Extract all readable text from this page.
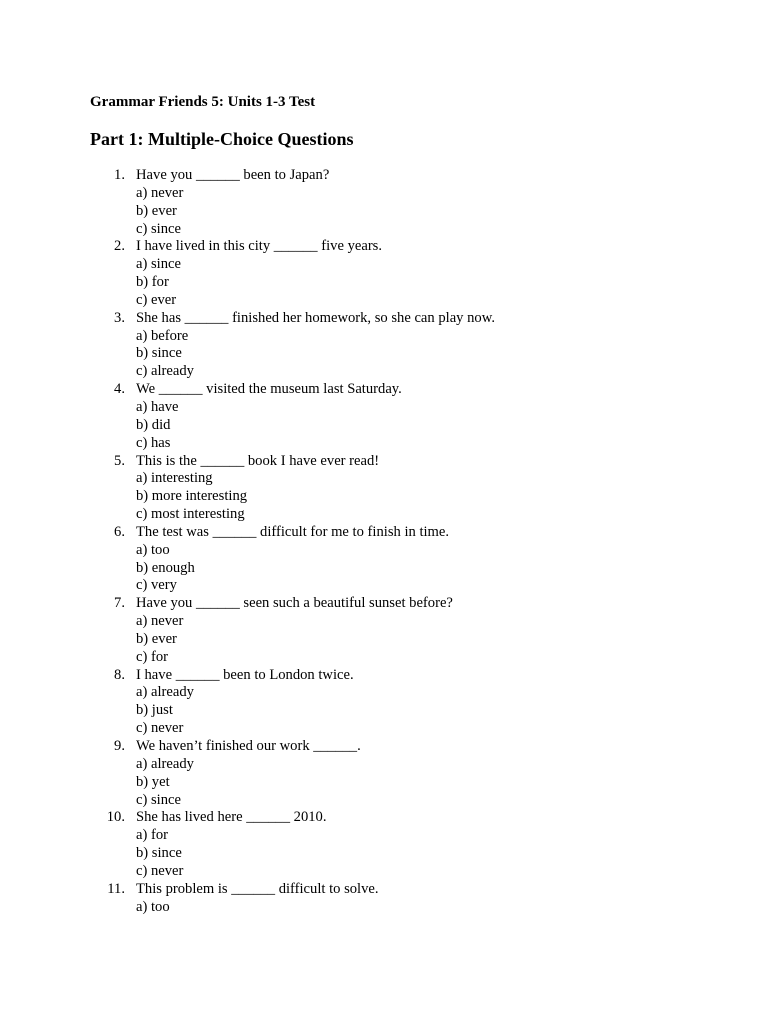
Grammar Friends 5: Units 1-3 Test
Part 1: Multiple-Choice Questions
1. Have you ______ been to Japan?
a) never
b) ever
c) since
2. I have lived in this city ______ five years.
a) since
b) for
c) ever
3. She has ______ finished her homework, so she can play now.
a) before
b) since
c) already
4. We ______ visited the museum last Saturday.
a) have
b) did
c) has
5. This is the ______ book I have ever read!
a) interesting
b) more interesting
c) most interesting
6. The test was ______ difficult for me to finish in time.
a) too
b) enough
c) very
7. Have you ______ seen such a beautiful sunset before?
a) never
b) ever
c) for
8. I have ______ been to London twice.
a) already
b) just
c) never
9. We haven’t finished our work ______.
a) already
b) yet
c) since
10. She has lived here ______ 2010.
a) for
b) since
c) never
11. This problem is ______ difficult to solve.
a) too
